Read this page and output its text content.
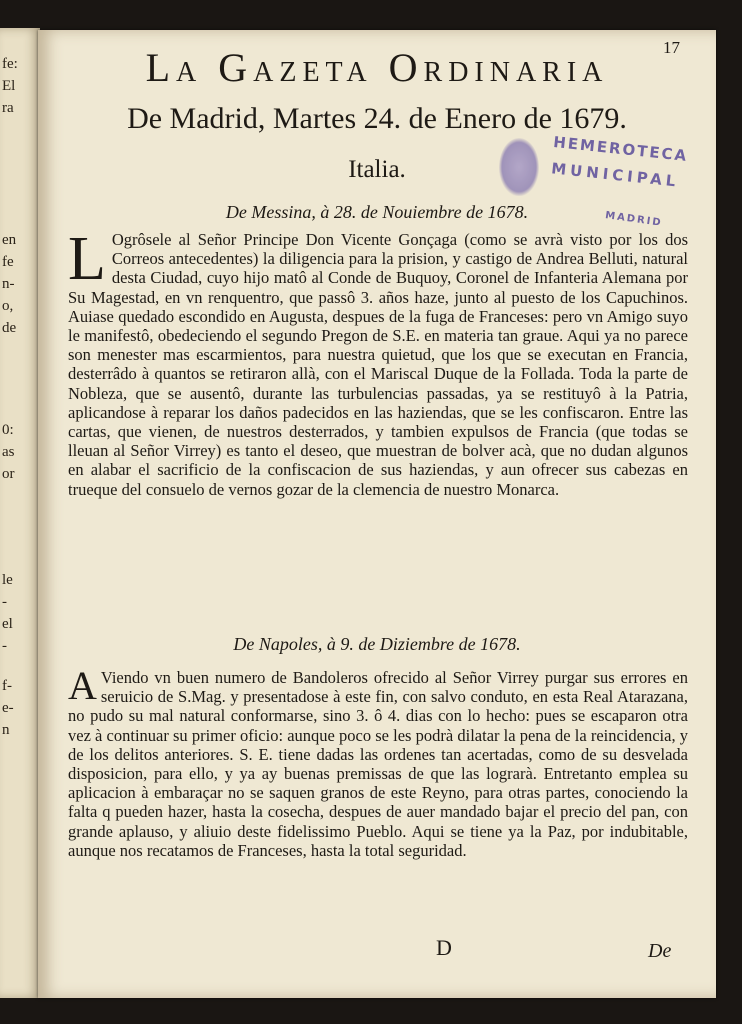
fe:
El
ra
en
fe
n-
o,
de
0:
as
or
le
-
el
-
f-
e-
n
17
La Gazeta Ordinaria
De Madrid, Martes 24. de Enero de 1679.
Italia.
HEMEROTECA
MUNICIPAL
MADRID
De Messina, à 28. de Nouiembre de 1678.
L Ogrôsele al Señor Principe Don Vicente Gonçaga (como se avrà visto por los dos Correos antecedentes) la diligencia para la prision, y castigo de Andrea Belluti, natural desta Ciudad, cuyo hijo matô al Conde de Buquoy, Coronel de Infanteria Alemana por Su Magestad, en vn renquentro, que passô 3. años haze, junto al puesto de los Capuchinos. Auiase quedado escondido en Augusta, despues de la fuga de Franceses: pero vn Amigo suyo le manifestô, obedeciendo el segundo Pregon de S.E. en materia tan graue. Aqui ya no parece son menester mas escarmientos, para nuestra quietud, que los que se executan en Francia, desterrâdo à quantos se retiraron allà, con el Mariscal Duque de la Follada. Toda la parte de Nobleza, que se ausentô, durante las turbulencias passadas, ya se restituyô à la Patria, aplicandose à reparar los daños padecidos en las haziendas, que se les confiscaron. Entre las cartas, que vienen, de nuestros desterrados, y tambien expulsos de Francia (que todas se lleuan al Señor Virrey) es tanto el deseo, que muestran de bolver acà, que no dudan algunos en alabar el sacrificio de la confiscacion de sus haziendas, y aun ofrecer sus cabezas en trueque del consuelo de vernos gozar de la clemencia de nuestro Monarca.
De Napoles, à 9. de Diziembre de 1678.
A Viendo vn buen numero de Bandoleros ofrecido al Señor Virrey purgar sus errores en seruicio de S.Mag. y presentadose à este fin, con salvo conduto, en esta Real Atarazana, no pudo su mal natural conformarse, sino 3. ô 4. dias con lo hecho: pues se escaparon otra vez à continuar su primer oficio: aunque poco se les podrà dilatar la pena de la reincidencia, y de los delitos anteriores. S. E. tiene dadas las ordenes tan acertadas, como de su desvelada disposicion, para ello, y ya ay buenas premissas de que las lograrà. Entretanto emplea su aplicacion à embaraçar no se saquen granos de este Reyno, para otras partes, conociendo la falta q pueden hazer, hasta la cosecha, despues de auer mandado bajar el precio del pan, con grande aplauso, y aliuio deste fidelissimo Pueblo. Aqui se tiene ya la Paz, por indubitable, aunque nos recatamos de Franceses, hasta la total seguridad.
D	De
